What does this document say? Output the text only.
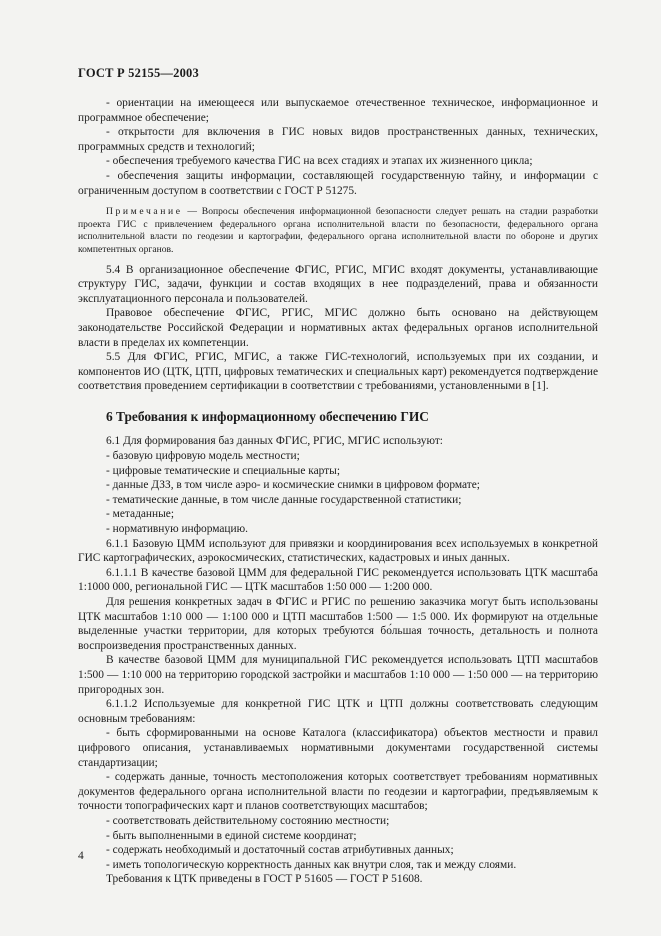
ГОСТ Р 52155—2003

- ориентации на имеющееся или выпускаемое отечественное техническое, информационное и программное обеспечение;

- открытости для включения в ГИС новых видов пространственных данных, технических, программных средств и технологий;

- обеспечения требуемого качества ГИС на всех стадиях и этапах их жизненного цикла;

- обеспечения защиты информации, составляющей государственную тайну, и информации с ограниченным доступом в соответствии с ГОСТ Р 51275.

Примечание — Вопросы обеспечения информационной безопасности следует решать на стадии разработки проекта ГИС с привлечением федерального органа исполнительной власти по безопасности, федерального органа исполнительной власти по геодезии и картографии, федерального органа исполнительной власти по обороне и других компетентных органов.

5.4 В организационное обеспечение ФГИС, РГИС, МГИС входят документы, устанавливающие структуру ГИС, задачи, функции и состав входящих в нее подразделений, права и обязанности эксплуатационного персонала и пользователей.

Правовое обеспечение ФГИС, РГИС, МГИС должно быть основано на действующем законодательстве Российской Федерации и нормативных актах федеральных органов исполнительной власти в пределах их компетенции.

5.5 Для ФГИС, РГИС, МГИС, а также ГИС-технологий, используемых при их создании, и компонентов ИО (ЦТК, ЦТП, цифровых тематических и специальных карт) рекомендуется подтверждение соответствия проведением сертификации в соответствии с требованиями, установленными в [1].

6 Требования к информационному обеспечению ГИС

6.1 Для формирования баз данных ФГИС, РГИС, МГИС используют:

- базовую цифровую модель местности;

- цифровые тематические и специальные карты;

- данные ДЗЗ, в том числе аэро- и космические снимки в цифровом формате;

- тематические данные, в том числе данные государственной статистики;

- метаданные;

- нормативную информацию.

6.1.1 Базовую ЦММ используют для привязки и координирования всех используемых в конкретной ГИС картографических, аэрокосмических, статистических, кадастровых и иных данных.

6.1.1.1 В качестве базовой ЦММ для федеральной ГИС рекомендуется использовать ЦТК масштаба 1:1000 000, региональной ГИС — ЦТК масштабов 1:50 000 — 1:200 000.

Для решения конкретных задач в ФГИС и РГИС по решению заказчика могут быть использованы ЦТК масштабов 1:10 000 — 1:100 000 и ЦТП масштабов 1:500 — 1:5 000. Их формируют на отдельные выделенные участки территории, для которых требуются бо́льшая точность, детальность и полнота воспроизведения пространственных данных.

В качестве базовой ЦММ для муниципальной ГИС рекомендуется использовать ЦТП масштабов 1:500 — 1:10 000 на территорию городской застройки и масштабов 1:10 000 — 1:50 000 — на территорию пригородных зон.

6.1.1.2 Используемые для конкретной ГИС ЦТК и ЦТП должны соответствовать следующим основным требованиям:

- быть сформированными на основе Каталога (классификатора) объектов местности и правил цифрового описания, устанавливаемых нормативными документами государственной системы стандартизации;

- содержать данные, точность местоположения которых соответствует требованиям нормативных документов федерального органа исполнительной власти по геодезии и картографии, предъявляемым к точности топографических карт и планов соответствующих масштабов;

- соответствовать действительному состоянию местности;

- быть выполненными в единой системе координат;

- содержать необходимый и достаточный состав атрибутивных данных;

- иметь топологическую корректность данных как внутри слоя, так и между слоями.

Требования к ЦТК приведены в ГОСТ Р 51605 — ГОСТ Р 51608.

4
